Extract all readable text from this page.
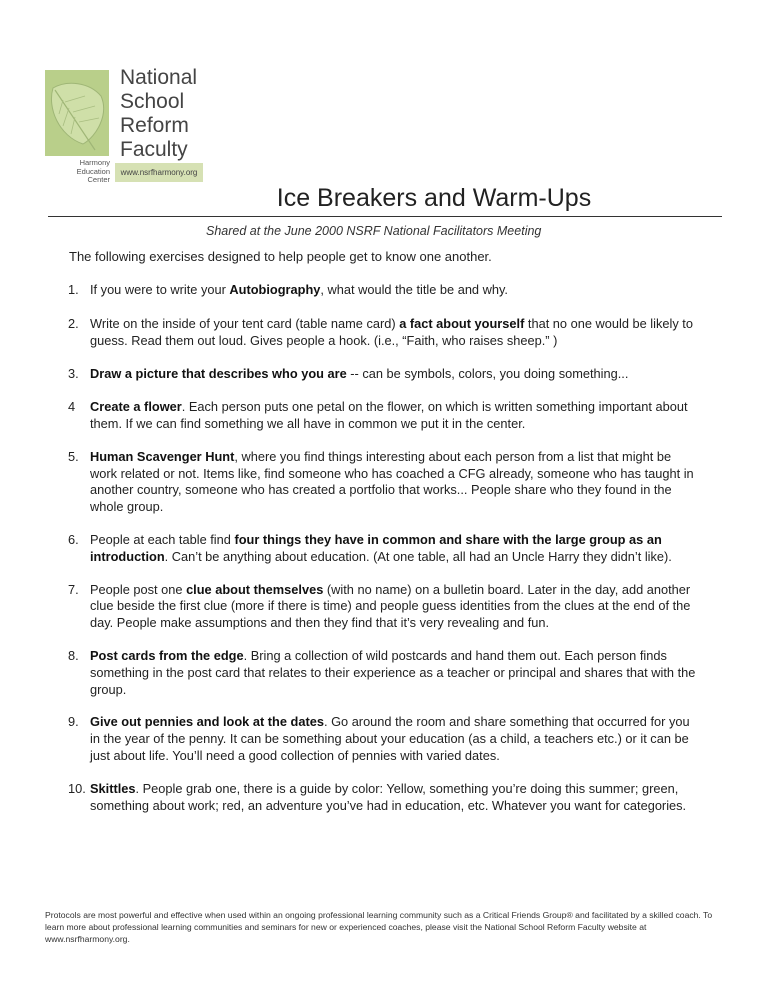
National
School
Reform
Faculty
Harmony
Education
Center
www.nsrfharmony.org
Ice Breakers and Warm-Ups
Shared at the June 2000 NSRF National Facilitators Meeting
The following exercises designed to help people get to know one another.
1. If you were to write your Autobiography, what would the title be and why.
2. Write on the inside of your tent card (table name card) a fact about yourself that no one would be likely to guess. Read them out loud. Gives people a hook. (i.e., “Faith, who raises sheep.” )
3. Draw a picture that describes who you are -- can be symbols, colors, you doing something...
4 Create a flower. Each person puts one petal on the flower, on which is written something important about them. If we can find something we all have in common we put it in the center.
5. Human Scavenger Hunt, where you find things interesting about each person from a list that might be work related or not. Items like, find someone who has coached a CFG already, someone who has taught in another country, someone who has created a portfolio that works... People share who they found in the whole group.
6. People at each table find four things they have in common and share with the large group as an introduction. Can’t be anything about education. (At one table, all had an Uncle Harry they didn’t like).
7. People post one clue about themselves (with no name) on a bulletin board. Later in the day, add another clue beside the first clue (more if there is time) and people guess identities from the clues at the end of the day. People make assumptions and then they find that it’s very revealing and fun.
8. Post cards from the edge. Bring a collection of wild postcards and hand them out. Each person finds something in the post card that relates to their experience as a teacher or principal and shares that with the group.
9. Give out pennies and look at the dates. Go around the room and share something that occurred for you in the year of the penny. It can be something about your education (as a child, a teachers etc.) or it can be just about life. You’ll need a good collection of pennies with varied dates.
10. Skittles. People grab one, there is a guide by color: Yellow, something you’re doing this summer; green, something about work; red, an adventure you’ve had in education, etc. Whatever you want for categories.
Protocols are most powerful and effective when used within an ongoing professional learning community such as a Critical Friends Group® and facilitated by a skilled coach. To learn more about professional learning communities and seminars for new or experienced coaches, please visit the National School Reform Faculty website at www.nsrfharmony.org.
